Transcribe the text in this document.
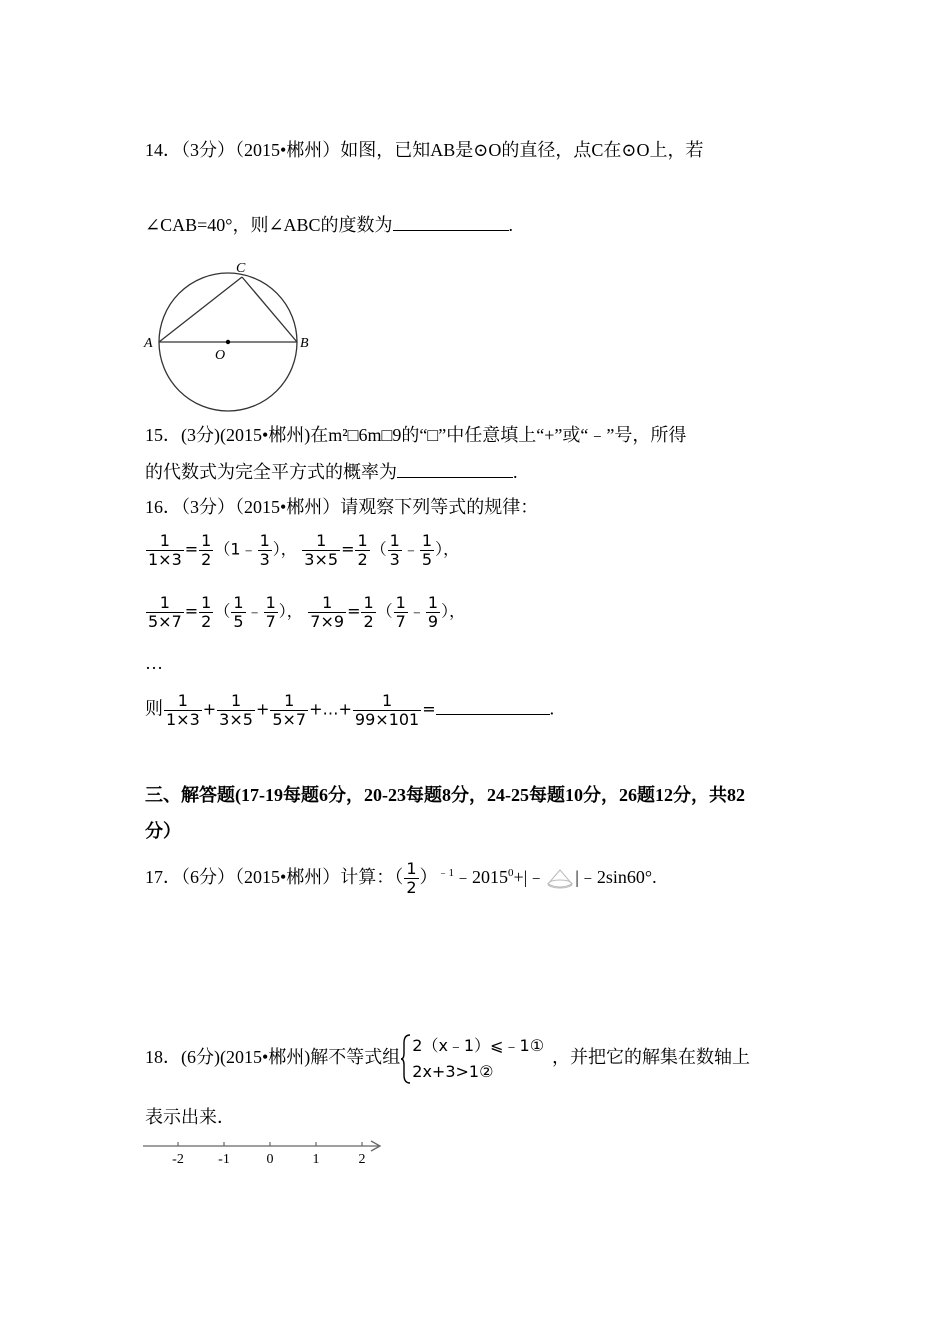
14．（3分）（2015•郴州）如图，已知AB是⊙O的直径，点C在⊙O上，若
∠CAB=40°，则∠ABC的度数为	.
A	B
C
O
15．(3分)(2015•郴州)在m²□6m□9的“□”中任意填上“+”或“﹣”号，所得
的代数式为完全平方式的概率为	.
16．（3分）（2015•郴州）请观察下列等式的规律：
$\frac{1}{1\times 3} = \frac{1}{2}$ （1﹣ $\frac{1}{3}$ ）， $\frac{1}{3\times 5} = \frac{1}{2}$ （ $\frac{1}{3}$ ﹣ $\frac{1}{5}$ ），
$\frac{1}{5\times 7} = \frac{1}{2}$ （ $\frac{1}{5}$ ﹣ $\frac{1}{7}$ ）， $\frac{1}{7\times 9} = \frac{1}{2}$ （ $\frac{1}{7}$ ﹣ $\frac{1}{9}$ ），
…
则 $\frac{1}{1\times 3} + \frac{1}{3\times 5} + \frac{1}{5\times 7}$ +…+ $\frac{1}{99\times 101}$ =	.
三、解答题(17-19每题6分，20-23每题8分，24-25每题10分，26题12分，共82
分）
17．（6分）（2015•郴州）计算：（ $\frac{1}{2}$ ）$^{﹣1}﹣2015^0+|﹣$ |﹣2sin60°.
18．(6分)(2015•郴州)解不等式组
2（x﹣1）⩽﹣1①
2x+3>1②
，并把它的解集在数轴上
表示出来．
-2 -1	0	1	2
